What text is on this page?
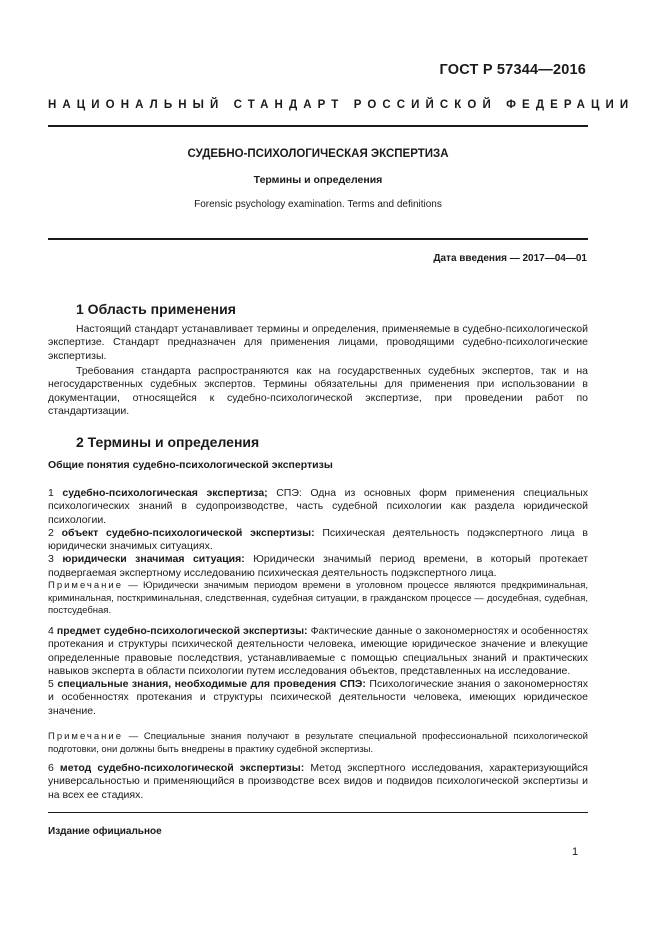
ГОСТ Р 57344—2016
НАЦИОНАЛЬНЫЙ СТАНДАРТ РОССИЙСКОЙ ФЕДЕРАЦИИ
СУДЕБНО-ПСИХОЛОГИЧЕСКАЯ ЭКСПЕРТИЗА
Термины и определения
Forensic psychology examination. Terms and definitions
Дата введения — 2017—04—01
1 Область применения
Настоящий стандарт устанавливает термины и определения, применяемые в судебно-психологической экспертизе. Стандарт предназначен для применения лицами, проводящими судебно-психологические экспертизы.
Требования стандарта распространяются как на государственных судебных экспертов, так и на негосударственных судебных экспертов. Термины обязательны для применения при использовании в документации, относящейся к судебно-психологической экспертизе, при проведении работ по стандартизации.
2 Термины и определения
Общие понятия судебно-психологической экспертизы
1 судебно-психологическая экспертиза; СПЭ: Одна из основных форм применения специальных психологических знаний в судопроизводстве, часть судебной психологии как раздела юридической психологии.
2 объект судебно-психологической экспертизы: Психическая деятельность подэкспертного лица в юридически значимых ситуациях.
3 юридически значимая ситуация: Юридически значимый период времени, в который протекает подвергаемая экспертному исследованию психическая деятельность подэкспертного лица.
Примечание — Юридически значимым периодом времени в уголовном процессе являются предкриминальная, криминальная, посткриминальная, следственная, судебная ситуации, в гражданском процессе — досудебная, судебная, постсудебная.
4 предмет судебно-психологической экспертизы: Фактические данные о закономерностях и особенностях протекания и структуры психической деятельности человека, имеющие юридическое значение и влекущие определенные правовые последствия, устанавливаемые с помощью специальных знаний и практических навыков эксперта в области психологии путем исследования объектов, представленных на исследование.
5 специальные знания, необходимые для проведения СПЭ: Психологические знания о закономерностях и особенностях протекания и структуры психической деятельности человека, имеющих юридическое значение.
Примечание — Специальные знания получают в результате специальной профессиональной психологической подготовки, они должны быть внедрены в практику судебной экспертизы.
6 метод судебно-психологической экспертизы: Метод экспертного исследования, характеризующийся универсальностью и применяющийся в производстве всех видов и подвидов психологической экспертизы и на всех ее стадиях.
Издание официальное
1
